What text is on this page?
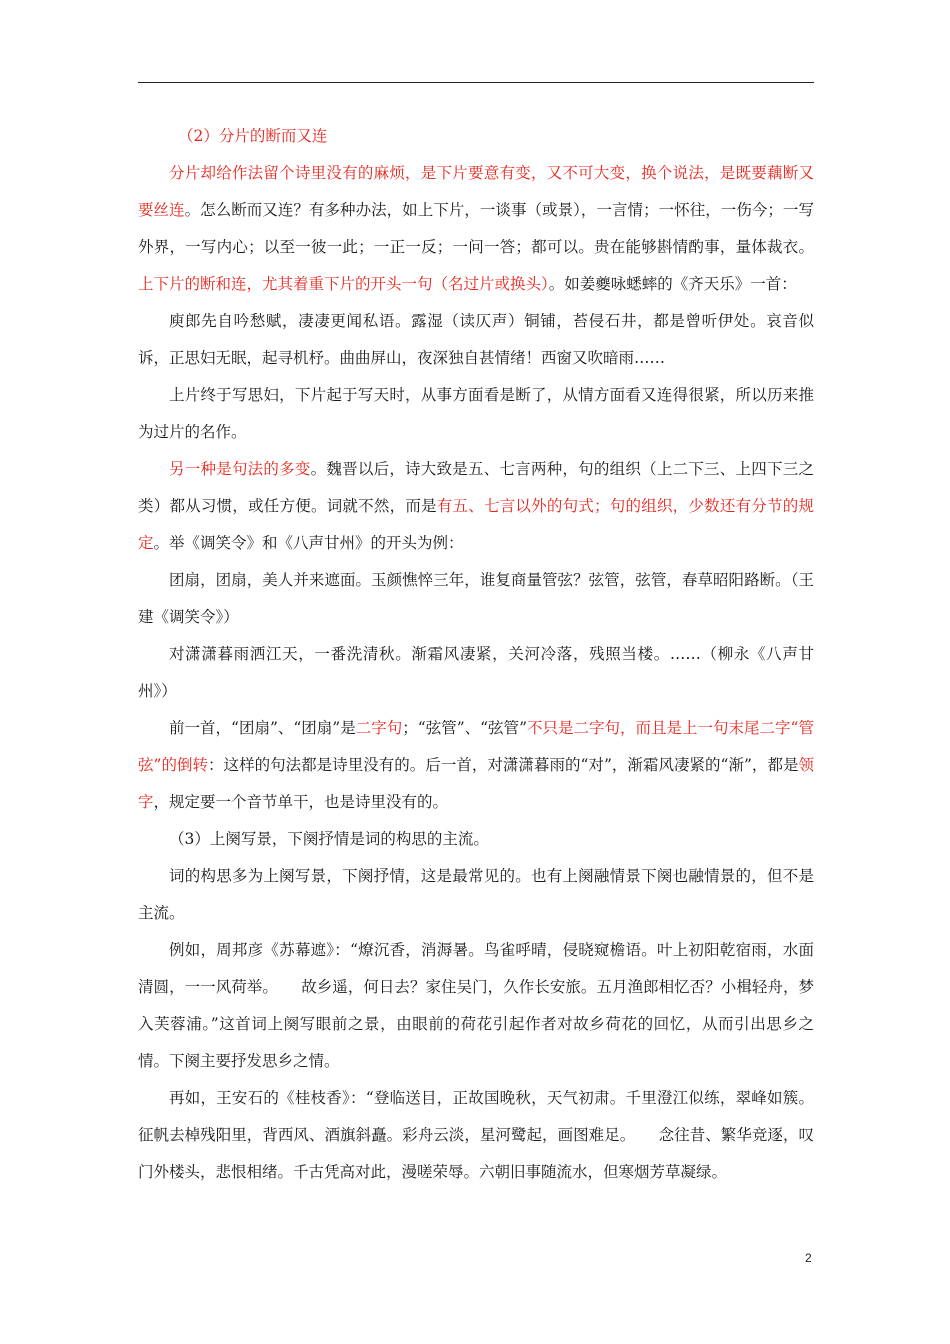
（2）分片的断而又连

分片却给作法留个诗里没有的麻烦，是下片要意有变，又不可大变，换个说法，是既要藕断又要丝连。怎么断而又连？有多种办法，如上下片，一谈事（或景），一言情；一怀往，一伤今；一写外界，一写内心；以至一彼一此；一正一反；一问一答；都可以。贵在能够斟情酌事，量体裁衣。上下片的断和连，尤其着重下片的开头一句（名过片或换头）。如姜夔咏蟋蟀的《齐天乐》一首：

庾郎先自吟愁赋，凄凄更闻私语。露湿（读仄声）铜铺，苔侵石井，都是曾听伊处。哀音似诉，正思妇无眠，起寻机杼。曲曲屏山，夜深独自甚情绪！西窗又吹暗雨……

上片终于写思妇，下片起于写天时，从事方面看是断了，从情方面看又连得很紧，所以历来推为过片的名作。

另一种是句法的多变。魏晋以后，诗大致是五、七言两种，句的组织（上二下三、上四下三之类）都从习惯，或任方便。词就不然，而是有五、七言以外的句式；句的组织，少数还有分节的规定。举《调笑令》和《八声甘州》的开头为例：

团扇，团扇，美人并来遮面。玉颜憔悴三年，谁复商量管弦？弦管，弦管，春草昭阳路断。（王建《调笑令》）

对潇潇暮雨洒江天，一番洗清秋。渐霜风凄紧，关河冷落，残照当楼。……（柳永《八声甘州》）

前一首，“团扇”、“团扇”是二字句；“弦管”、“弦管”不只是二字句，而且是上一句末尾二字“管弦”的倒转：这样的句法都是诗里没有的。后一首，对潇潇暮雨的“对”，渐霜风凄紧的“渐”，都是领字，规定要一个音节单干，也是诗里没有的。

（3）上阕写景，下阕抒情是词的构思的主流。

词的构思多为上阕写景，下阕抒情，这是最常见的。也有上阕融情景下阕也融情景的，但不是主流。

例如，周邦彦《苏幕遮》：“燎沉香，消溽暑。鸟雀呼晴，侵晓窥檐语。叶上初阳乾宿雨，水面清圆，一一风荷举。　　故乡遥，何日去？家住吴门，久作长安旅。五月渔郎相忆否？小楫轻舟，梦入芙蓉浦。”这首词上阕写眼前之景，由眼前的荷花引起作者对故乡荷花的回忆，从而引出思乡之情。下阕主要抒发思乡之情。

再如，王安石的《桂枝香》：“登临送目，正故国晚秋，天气初肃。千里澄江似练，翠峰如簇。征帆去棹残阳里，背西风、酒旗斜矗。彩舟云淡，星河鹭起，画图难足。　　念往昔、繁华竞逐，叹门外楼头，悲恨相绪。千古凭高对此，漫嗟荣辱。六朝旧事随流水，但寒烟芳草凝绿。

2
